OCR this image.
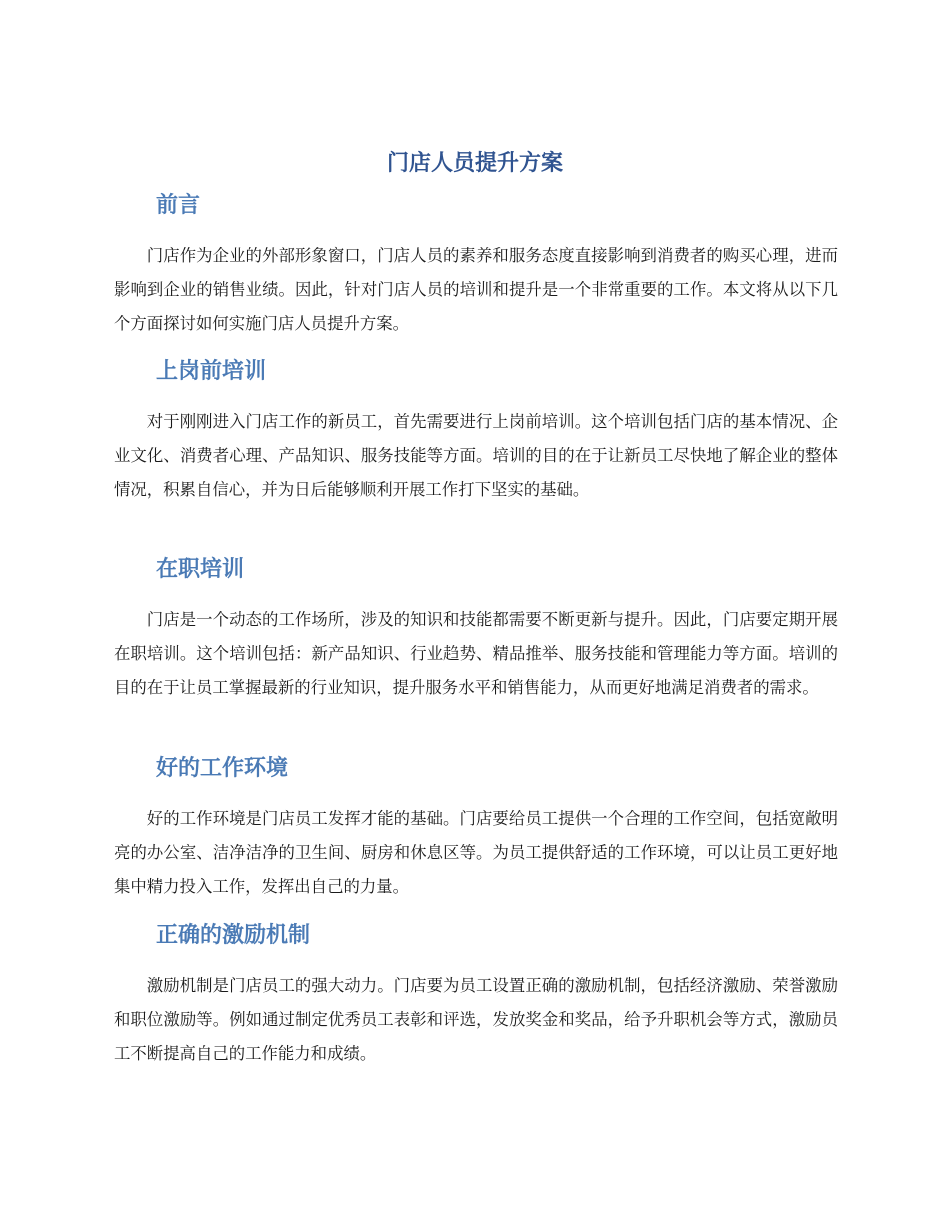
门店人员提升方案
前言

门店作为企业的外部形象窗口，门店人员的素养和服务态度直接影响到消费者的购买心理，进而影响到企业的销售业绩。因此，针对门店人员的培训和提升是一个非常重要的工作。本文将从以下几个方面探讨如何实施门店人员提升方案。

上岗前培训

对于刚刚进入门店工作的新员工，首先需要进行上岗前培训。这个培训包括门店的基本情况、企业文化、消费者心理、产品知识、服务技能等方面。培训的目的在于让新员工尽快地了解企业的整体情况，积累自信心，并为日后能够顺利开展工作打下坚实的基础。

在职培训

门店是一个动态的工作场所，涉及的知识和技能都需要不断更新与提升。因此，门店要定期开展在职培训。这个培训包括：新产品知识、行业趋势、精品推举、服务技能和管理能力等方面。培训的目的在于让员工掌握最新的行业知识，提升服务水平和销售能力，从而更好地满足消费者的需求。

好的工作环境

好的工作环境是门店员工发挥才能的基础。门店要给员工提供一个合理的工作空间，包括宽敞明亮的办公室、洁净洁净的卫生间、厨房和休息区等。为员工提供舒适的工作环境，可以让员工更好地集中精力投入工作，发挥出自己的力量。

正确的激励机制

激励机制是门店员工的强大动力。门店要为员工设置正确的激励机制，包括经济激励、荣誉激励和职位激励等。例如通过制定优秀员工表彰和评选，发放奖金和奖品，给予升职机会等方式，激励员工不断提高自己的工作能力和成绩。
